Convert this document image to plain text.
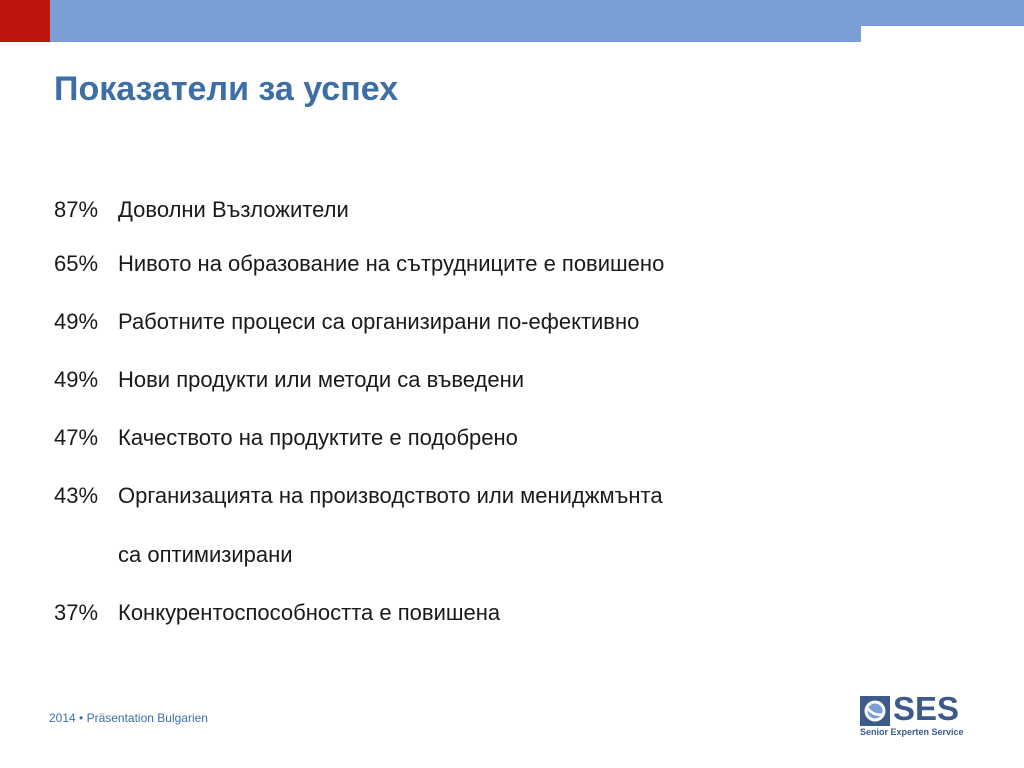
Показатели за успех
87% Доволни Възложители
65% Нивото на образование на сътрудниците е повишено
49% Работните процеси са организирани по-ефективно
49% Нови продукти или методи са въведени
47% Качеството на продуктите е подобрено
43% Организацията на производството или мениджмънта
са оптимизирани
37% Конкурентоспособността е повишена
2014 • Präsentation Bulgarien	SES
Senior Experten Service
